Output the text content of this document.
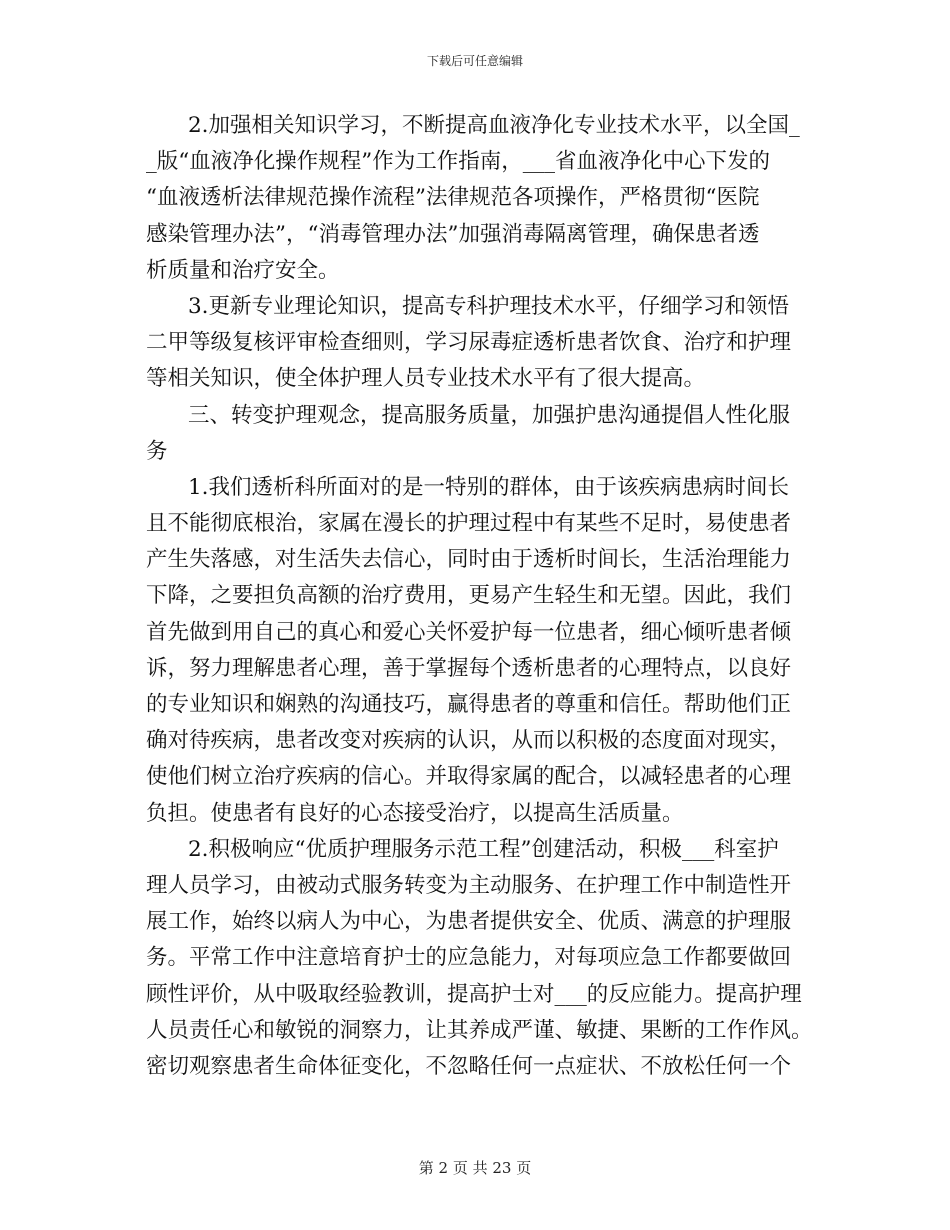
下载后可任意编辑
2.加强相关知识学习，不断提高血液净化专业技术水平，以全国_
_版“血液净化操作规程”作为工作指南，___省血液净化中心下发的
“血液透析法律规范操作流程”法律规范各项操作，严格贯彻“医院
感染管理办法”，“消毒管理办法”加强消毒隔离管理，确保患者透
析质量和治疗安全。
3.更新专业理论知识，提高专科护理技术水平，仔细学习和领悟
二甲等级复核评审检查细则，学习尿毒症透析患者饮食、治疗和护理
等相关知识，使全体护理人员专业技术水平有了很大提高。
三、转变护理观念，提高服务质量，加强护患沟通提倡人性化服
务
1.我们透析科所面对的是一特别的群体，由于该疾病患病时间长
且不能彻底根治，家属在漫长的护理过程中有某些不足时，易使患者
产生失落感，对生活失去信心，同时由于透析时间长，生活治理能力
下降，之要担负高额的治疗费用，更易产生轻生和无望。因此，我们
首先做到用自己的真心和爱心关怀爱护每一位患者，细心倾听患者倾
诉，努力理解患者心理，善于掌握每个透析患者的心理特点，以良好
的专业知识和娴熟的沟通技巧，赢得患者的尊重和信任。帮助他们正
确对待疾病，患者改变对疾病的认识，从而以积极的态度面对现实，
使他们树立治疗疾病的信心。并取得家属的配合，以减轻患者的心理
负担。使患者有良好的心态接受治疗，以提高生活质量。
2.积极响应“优质护理服务示范工程”创建活动，积极___科室护
理人员学习，由被动式服务转变为主动服务、在护理工作中制造性开
展工作，始终以病人为中心，为患者提供安全、优质、满意的护理服
务。平常工作中注意培育护士的应急能力，对每项应急工作都要做回
顾性评价，从中吸取经验教训，提高护士对___的反应能力。提高护理
人员责任心和敏锐的洞察力，让其养成严谨、敏捷、果断的工作作风。
密切观察患者生命体征变化，不忽略任何一点症状、不放松任何一个
第 2 页 共 23 页
